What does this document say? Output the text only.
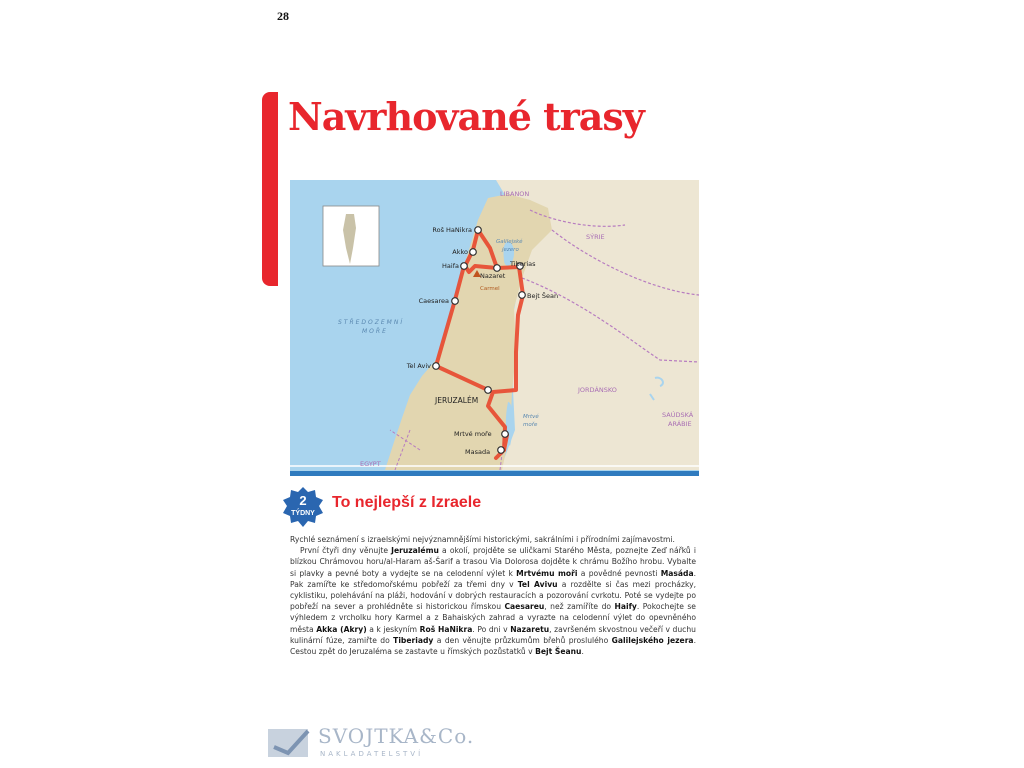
28
Navrhované trasy
Roš HaNikra
Akko
Haifa
Nazaret
Tiberias
Bejt Šean
Caesarea
Tel Aviv
JERUZALÉM
Mrtvé moře
Masada
LIBANON
SÝRIE
JORDÁNSKO
SAÚDSKÁ
ARÁBIE
EGYPT
STŘEDOZEMNÍ
MOŘE
Galilejské
jezero
Mrtvé
moře
Carmel
2
TÝDNY
To nejlepší z Izraele

Rychlé seznámení s izraelskými nejvýznamnějšími historickými, sakrálními i přírodními zajímavostmi.

První čtyři dny věnujte Jeruzalému a okolí, projděte se uličkami Starého Města, poznejte Zeď nářků i blízkou Chrámovou horu/al-Haram aš-Šarif a trasou Via Dolorosa dojděte k chrámu Božího hrobu. Vybalte si plavky a pevné boty a vydejte se na celodenní výlet k Mrtvému moři a povědné pevnosti Masáda. Pak zamířte ke středomořskému pobřeží za třemi dny v Tel Avivu a rozdělte si čas mezi procházky, cyklistiku, polehávání na pláži, hodování v dobrých restauracích a pozorování cvrkotu. Poté se vydejte po pobřeží na sever a prohlédněte si historickou římskou Caesareu, než zamíříte do Haify. Pokochejte se výhledem z vrcholku hory Karmel a z Bahaiských zahrad a vyrazte na celodenní výlet do opevněného města Akka (Akry) a k jeskyním Roš HaNikra. Po dni v Nazaretu, završeném skvostnou večeří v duchu kulinární fúze, zamiřte do Tiberiady a den věnujte průzkumům břehů proslulého Galilejského jezera. Cestou zpět do Jeruzaléma se zastavte u římských pozůstatků v Bejt Šeanu.

SVOJTKA&Co.
NAKLADATELSTVÍ
